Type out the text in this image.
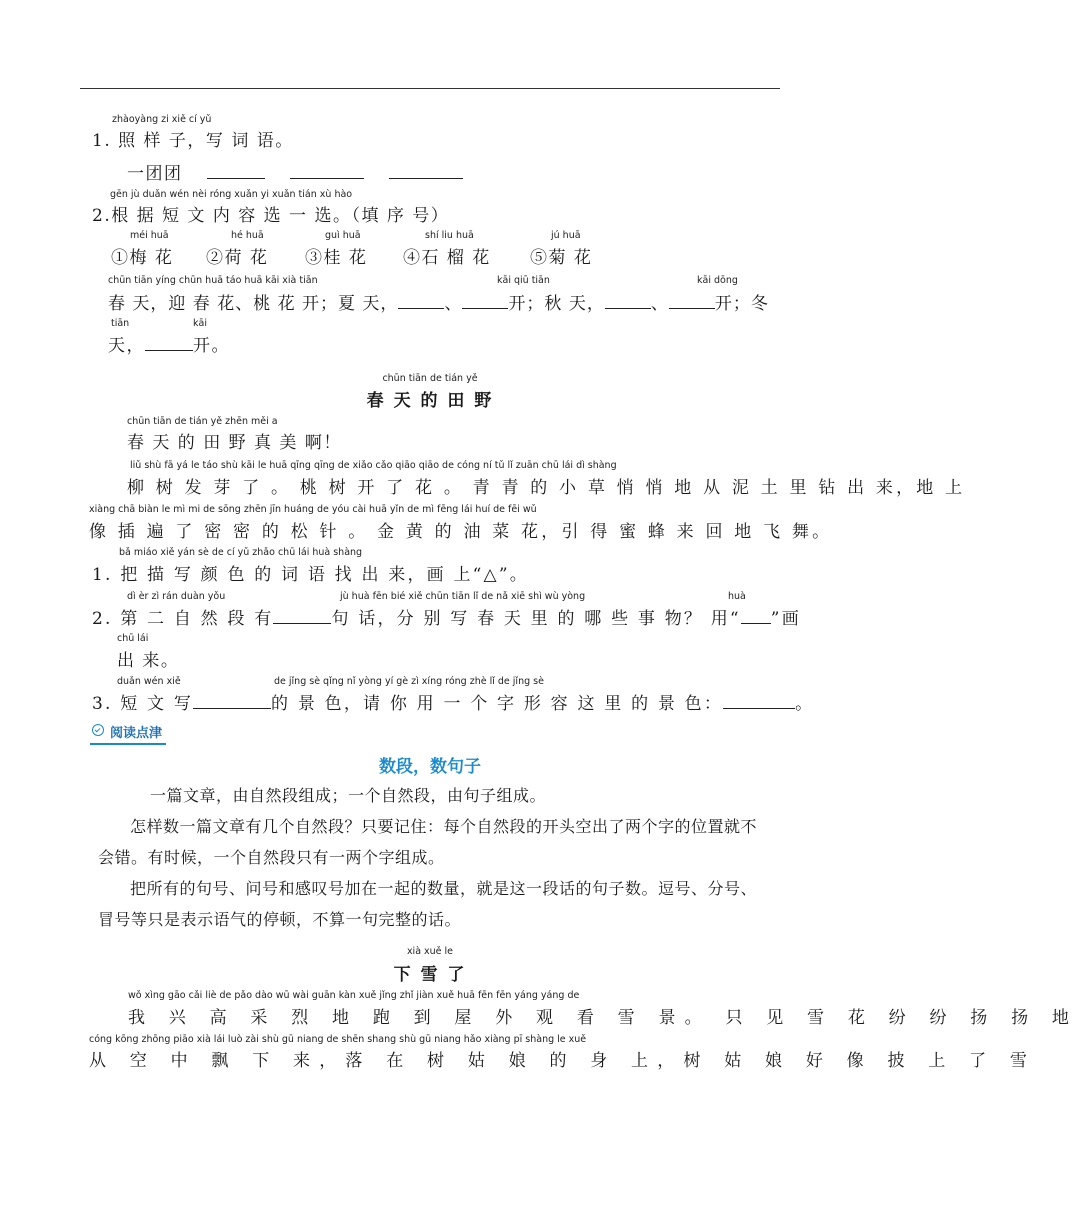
zhàoyàng zi xiě cí yǔ
1. 照 样 子，写 词 语。
一团团
gēn jù duǎn wén nèi róng xuǎn yi xuǎn tián xù hào
2.根 据 短 文 内 容 选 一 选。（填 序 号）
méi huā
①梅 花
hé huā
②荷 花
guì huā
③桂 花
shí liu huā
④石 榴 花
jú huā
⑤菊 花
chūn tiān yíng chūn huā táo huā kāi xià tiān	kāi qiū tiān	kāi dōng
春 天，迎 春 花、桃 花 开；夏 天，	、	开；秋 天，	、	开；冬
tiān	kāi
天，	开。
chūn tiān de tián yě
春 天 的 田 野
chūn tiān de tián yě zhēn měi a
春 天 的 田 野 真 美 啊！
liǔ shù fā yá le táo shù kāi le huā qīng qīng de xiǎo cǎo qiāo qiāo de cóng ní tǔ lǐ zuān chū lái dì shàng
柳 树 发 芽 了 。 桃 树 开 了 花 。 青 青 的 小 草 悄 悄 地 从 泥 土 里 钻 出 来，地 上
xiàng chā biàn le mì mi de sōng zhēn jīn huáng de yóu cài huā yǐn de mì fēng lái huí de fēi wǔ
像 插 遍 了 密 密 的 松 针 。 金 黄 的 油 菜 花，引 得 蜜 蜂 来 回 地 飞 舞。
bǎ miáo xiě yán sè de cí yǔ zhǎo chū lái huà shàng
1. 把 描 写 颜 色 的 词 语 找 出 来，画 上“△”。
dì èr zì rán duàn yǒu	jù huà fēn bié xiě chūn tiān lǐ de nǎ xiē shì wù yòng	huà
2. 第 二 自 然 段 有	句 话，分 别 写 春 天 里 的 哪 些 事 物？ 用“ ”画
chū lái
出 来。
duǎn wén xiě	de jǐng sè qǐng nǐ yòng yí gè zì xíng róng zhè lǐ de jǐng sè
3. 短 文 写	的 景 色，请 你 用 一 个 字 形 容 这 里 的 景 色：	。
阅读点津
数段，数句子
一篇文章，由自然段组成；一个自然段，由句子组成。
怎样数一篇文章有几个自然段？只要记住：每个自然段的开头空出了两个字的位置就不会错。有时候，一个自然段只有一两个字组成。
把所有的句号、问号和感叹号加在一起的数量，就是这一段话的句子数。逗号、分号、冒号等只是表示语气的停顿，不算一句完整的话。
xià xuě le
下 雪 了
wǒ xìng gāo cǎi liè de pǎo dào wū wài guān kàn xuě jǐng zhǐ jiàn xuě huā fēn fēn yáng yáng de
我 兴 高 采 烈 地 跑 到 屋 外 观 看 雪 景。 只 见 雪 花 纷 纷 扬 扬 地
cóng kōng zhōng piāo xià lái luò zài shù gū niang de shēn shang shù gū niang hǎo xiàng pī shàng le xuě
从 空 中 飘 下 来，落 在 树 姑 娘 的 身 上，树 姑 娘 好 像 披 上 了 雪
